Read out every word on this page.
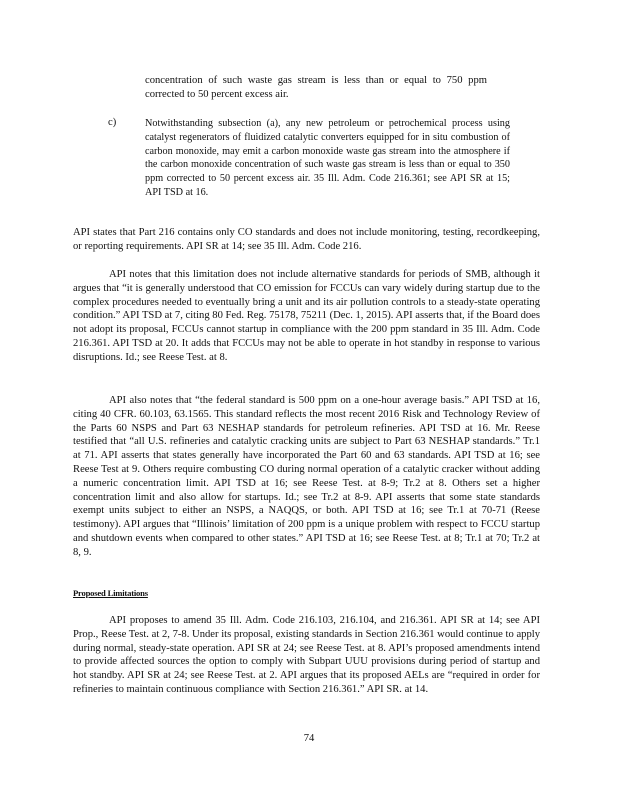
concentration of such waste gas stream is less than or equal to 750 ppm corrected to 50 percent excess air.

c)	Notwithstanding subsection (a), any new petroleum or petrochemical process using catalyst regenerators of fluidized catalytic converters equipped for in situ combustion of carbon monoxide, may emit a carbon monoxide waste gas stream into the atmosphere if the carbon monoxide concentration of such waste gas stream is less than or equal to 350 ppm corrected to 50 percent excess air. 35 Ill. Adm. Code 216.361; see API SR at 15; API TSD at 16.

API states that Part 216 contains only CO standards and does not include monitoring, testing, recordkeeping, or reporting requirements. API SR at 14; see 35 Ill. Adm. Code 216.

API notes that this limitation does not include alternative standards for periods of SMB, although it argues that “it is generally understood that CO emission for FCCUs can vary widely during startup due to the complex procedures needed to eventually bring a unit and its air pollution controls to a steady-state operating condition.” API TSD at 7, citing 80 Fed. Reg. 75178, 75211 (Dec. 1, 2015). API asserts that, if the Board does not adopt its proposal, FCCUs cannot startup in compliance with the 200 ppm standard in 35 Ill. Adm. Code 216.361. API TSD at 20. It adds that FCCUs may not be able to operate in hot standby in response to various disruptions. Id.; see Reese Test. at 8.

API also notes that “the federal standard is 500 ppm on a one-hour average basis.” API TSD at 16, citing 40 CFR. 60.103, 63.1565. This standard reflects the most recent 2016 Risk and Technology Review of the Parts 60 NSPS and Part 63 NESHAP standards for petroleum refineries. API TSD at 16. Mr. Reese testified that “all U.S. refineries and catalytic cracking units are subject to Part 63 NESHAP standards.” Tr.1 at 71. API asserts that states generally have incorporated the Part 60 and 63 standards. API TSD at 16; see Reese Test at 9. Others require combusting CO during normal operation of a catalytic cracker without adding a numeric concentration limit. API TSD at 16; see Reese Test. at 8-9; Tr.2 at 8. Others set a higher concentration limit and also allow for startups. Id.; see Tr.2 at 8-9. API asserts that some state standards exempt units subject to either an NSPS, a NAQQS, or both. API TSD at 16; see Tr.1 at 70-71 (Reese testimony). API argues that “Illinois’ limitation of 200 ppm is a unique problem with respect to FCCU startup and shutdown events when compared to other states.” API TSD at 16; see Reese Test. at 8; Tr.1 at 70; Tr.2 at 8, 9.

Proposed Limitations

API proposes to amend 35 Ill. Adm. Code 216.103, 216.104, and 216.361. API SR at 14; see API Prop., Reese Test. at 2, 7-8. Under its proposal, existing standards in Section 216.361 would continue to apply during normal, steady-state operation. API SR at 24; see Reese Test. at 8. API’s proposed amendments intend to provide affected sources the option to comply with Subpart UUU provisions during period of startup and hot standby. API SR at 24; see Reese Test. at 2. API argues that its proposed AELs are “required in order for refineries to maintain continuous compliance with Section 216.361.” API SR. at 14.

74
